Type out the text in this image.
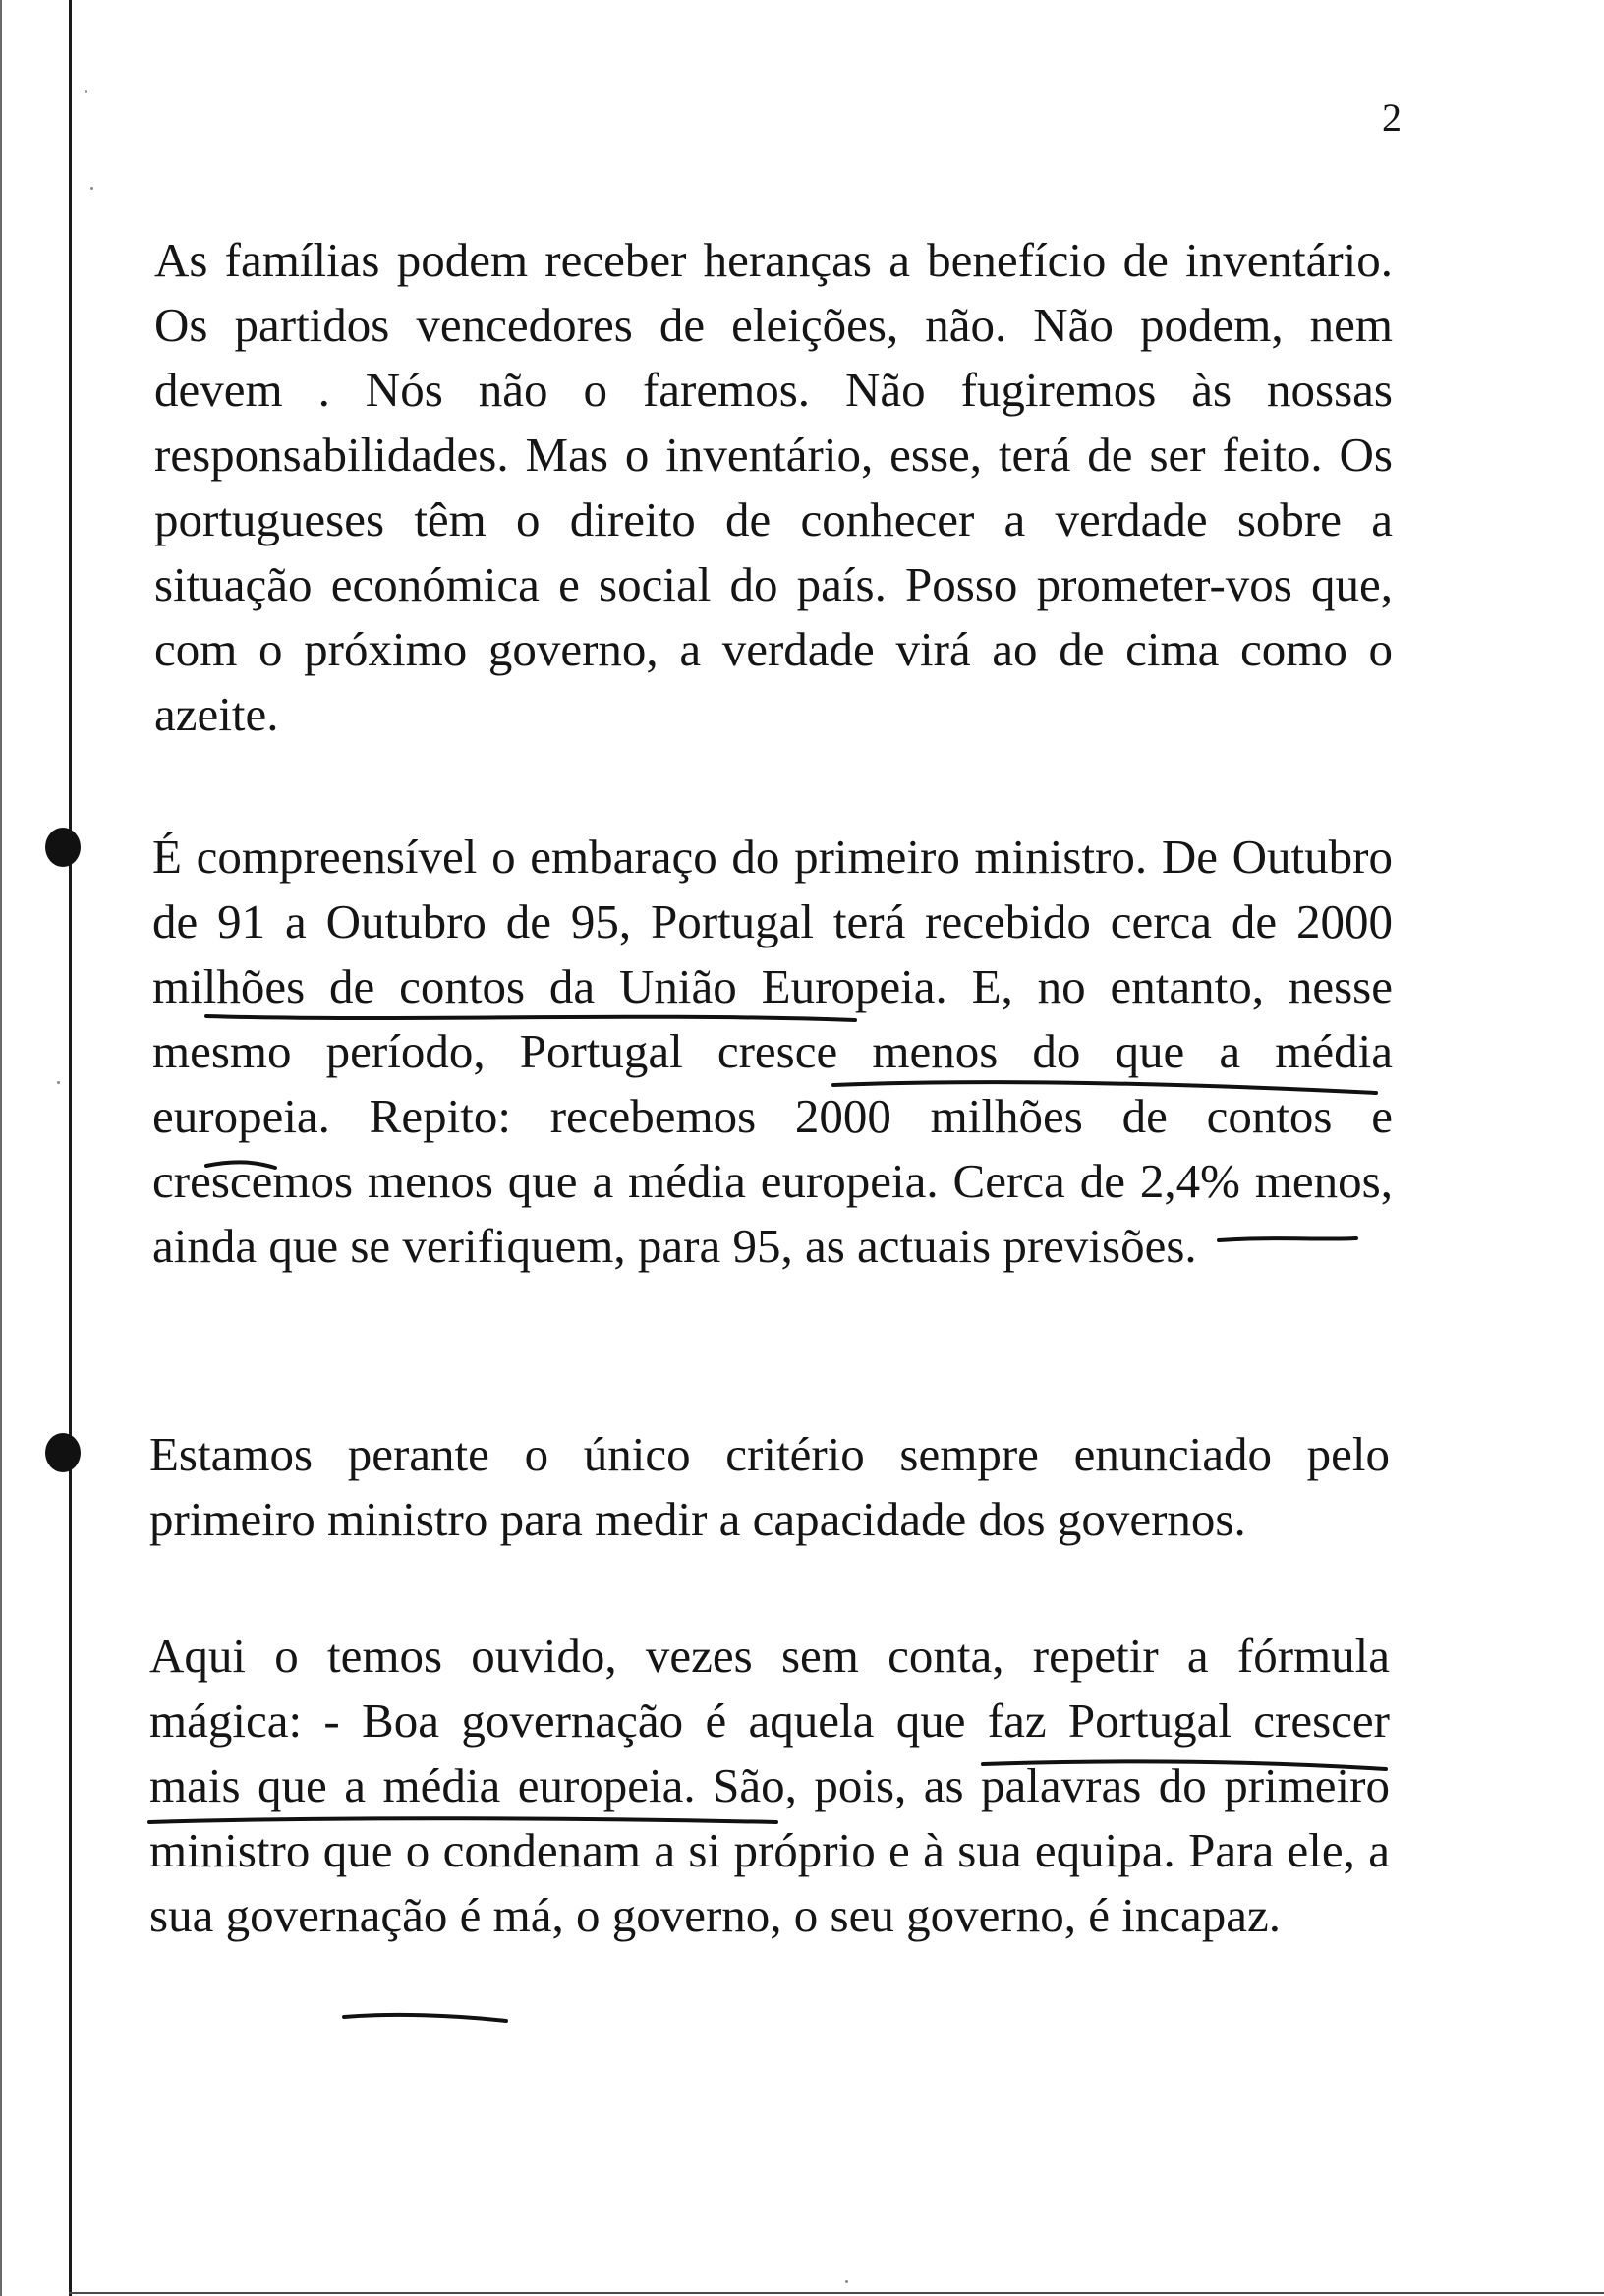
2

As famílias podem receber heranças a benefício de inventário. Os partidos vencedores de eleições, não. Não podem, nem devem . Nós não o faremos. Não fugiremos às nossas responsabilidades. Mas o inventário, esse, terá de ser feito. Os portugueses têm o direito de conhecer a verdade sobre a situação económica e social do país. Posso prometer-vos que, com o próximo governo, a verdade virá ao de cima como o azeite.

É compreensível o embaraço do primeiro ministro. De Outubro de 91 a Outubro de 95, Portugal terá recebido cerca de 2000 milhões de contos da União Europeia. E, no entanto, nesse mesmo período, Portugal cresce menos do que a média europeia. Repito: recebemos 2000 milhões de contos e crescemos menos que a média europeia. Cerca de 2,4% menos, ainda que se verifiquem, para 95, as actuais previsões.

Estamos perante o único critério sempre enunciado pelo primeiro ministro para medir a capacidade dos governos.

Aqui o temos ouvido, vezes sem conta, repetir a fórmula mágica: - Boa governação é aquela que faz Portugal crescer mais que a média europeia. São, pois, as palavras do primeiro ministro que o condenam a si próprio e à sua equipa. Para ele, a sua governação é má, o governo, o seu governo, é incapaz.
